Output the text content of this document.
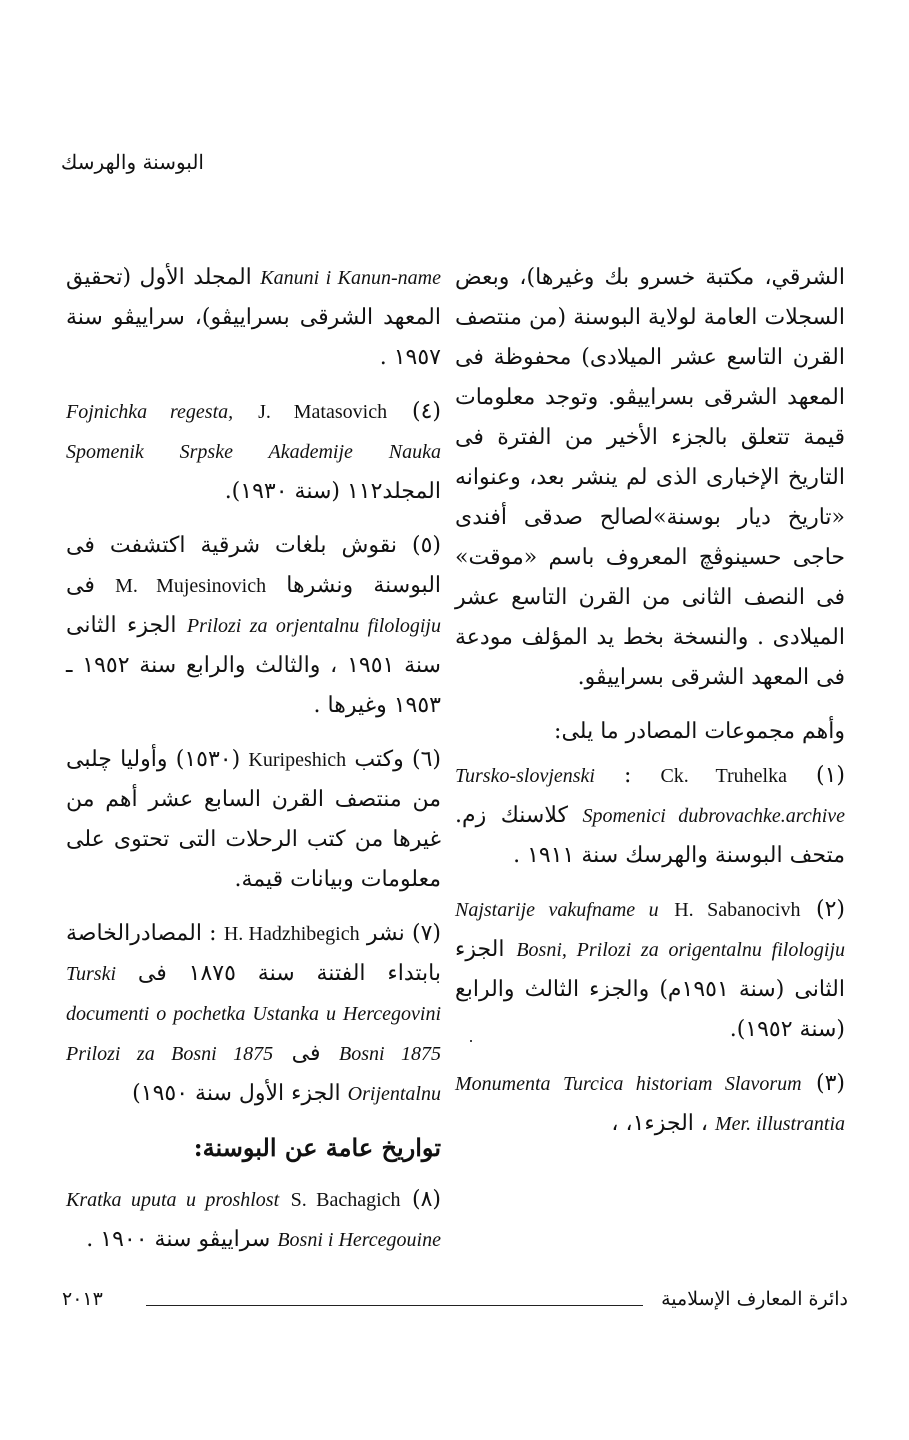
البوسنة والهرسك

الشرقي، مكتبة خسرو بك وغيرها)، وبعض السجلات العامة لولاية البوسنة (من منتصف القرن التاسع عشر الميلادى) محفوظة فى المعهد الشرقى بسراييڤو. وتوجد معلومات قيمة تتعلق بالجزء الأخير من الفترة فى التاريخ الإخبارى الذى لم ينشر بعد، وعنوانه «تاريخ ديار بوسنة»لصالح صدقى أفندى حاجى حسينوڤچ المعروف باسم «موقت» فى النصف الثانى من القرن التاسع عشر الميلادى . والنسخة بخط يد المؤلف مودعة فى المعهد الشرقى بسراييڤو.

وأهم مجموعات المصادر ما يلى:

(١) Ck. Truhelka : Tursko-slovjenski Spomenici dubrovachke.archive كلاسنك زم. متحف البوسنة والهرسك سنة ١٩١١ .

(٢) H. Sabanocivh Najstarije vakufname u Bosni, Prilozi za origentalnu filologiju الجزء الثانى (سنة ١٩٥١م) والجزء الثالث والرابع (سنة ١٩٥٢).

(٣) Monumenta Turcica historiam Slavorum Mer. illustrantia ، الجزء١، ،

Kanuni i Kanun-name المجلد الأول (تحقيق المعهد الشرقى بسراييڤو)، سراييڤو سنة ١٩٥٧ .

(٤) J. Matasovich Fojnichka regesta, Spomenik Srpske Akademije Nauka المجلد١١٢ (سنة ١٩٣٠).

(٥) نقوش بلغات شرقية اكتشفت فى البوسنة ونشرها M. Mujesinovich فى Prilozi za orjentalnu filologiju الجزء الثانى سنة ١٩٥١ ، والثالث والرابع سنة ١٩٥٢ ـ ١٩٥٣ وغيرها .

(٦) وكتب Kuripeshich (١٥٣٠) وأوليا چلبى من منتصف القرن السابع عشر أهم من غيرها من كتب الرحلات التى تحتوى على معلومات وبيانات قيمة.

(٧) نشر H. Hadzhibegich : المصادرالخاصة بابتداء الفتنة سنة ١٨٧٥ فى Turski documenti o pochetka Ustanka u Hercegovini Bosni 1875 فى Prilozi za Bosni 1875 Orijentalnu الجزء الأول سنة ١٩٥٠)

تواريخ عامة عن البوسنة:

(٨) S. Bachagich Kratka uputa u proshlost Bosni i Hercegouine سراييڤو سنة ١٩٠٠ .

دائرة المعارف الإسلامية
٢٠١٣
